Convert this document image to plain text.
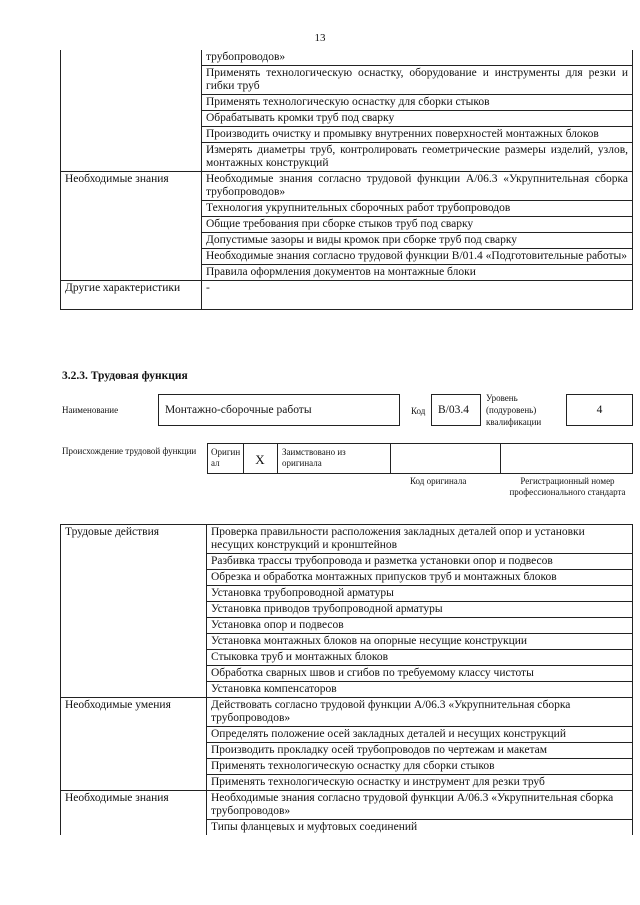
13
	трубопроводов»
	Применять технологическую оснастку, оборудование и инструменты для резки и гибки труб
	Применять технологическую оснастку для сборки стыков
	Обрабатывать кромки труб под сварку
	Производить очистку и промывку внутренних поверхностей монтажных блоков
	Измерять диаметры труб, контролировать геометрические размеры изделий, узлов, монтажных конструкций
Необходимые знания	Необходимые знания согласно трудовой функции А/06.3 «Укрупнительная сборка трубопроводов»
	Технология укрупнительных сборочных работ трубопроводов
	Общие требования при сборке стыков труб под сварку
	Допустимые зазоры и виды кромок при сборке труб под сварку
	Необходимые знания согласно трудовой функции В/01.4 «Подготовительные работы»
	Правила оформления документов на монтажные блоки
Другие характеристики	-
3.2.3. Трудовая функция
Наименование	Монтажно-сборочные работы	Код	В/03.4
Уровень (подуровень) квалификации
4
Происхождение трудовой функции Оригинал	X	Заимствовано из оригинала
Код оригинала	Регистрационный номер профессионального стандарта
Трудовые действия	Проверка правильности расположения закладных деталей опор и установки несущих конструкций и кронштейнов
	Разбивка трассы трубопровода и разметка установки опор и подвесов
	Обрезка и обработка монтажных припусков труб и монтажных блоков
	Установка трубопроводной арматуры
	Установка приводов трубопроводной арматуры
	Установка опор и подвесов
	Установка монтажных блоков на опорные несущие конструкции
	Стыковка труб и монтажных блоков
	Обработка сварных швов и сгибов по требуемому классу чистоты
	Установка компенсаторов
Необходимые умения	Действовать согласно трудовой функции А/06.3 «Укрупнительная сборка трубопроводов»
	Определять положение осей закладных деталей и несущих конструкций
	Производить прокладку осей трубопроводов по чертежам и макетам
	Применять технологическую оснастку для сборки стыков
	Применять технологическую оснастку и инструмент для резки труб
Необходимые знания	Необходимые знания согласно трудовой функции А/06.3 «Укрупнительная сборка трубопроводов»
	Типы фланцевых и муфтовых соединений
